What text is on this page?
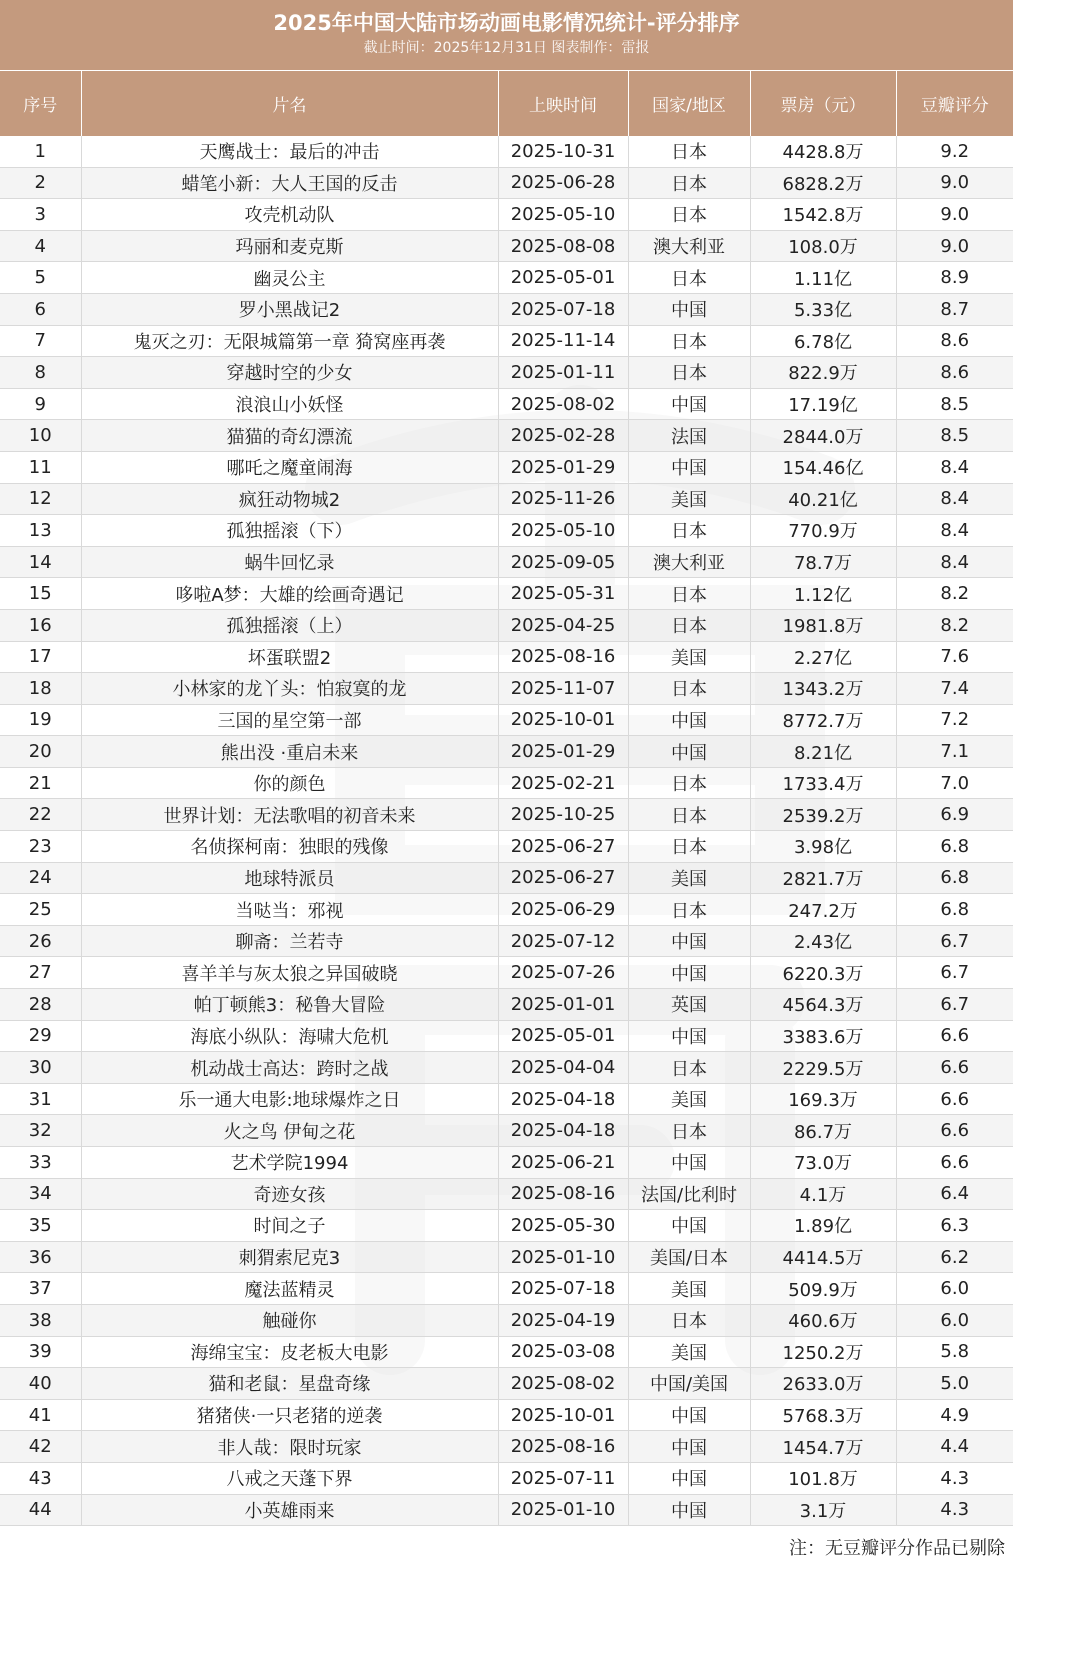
2025年中国大陆市场动画电影情况统计-评分排序
截止时间：2025年12月31日 图表制作：雷报
序号	片名	上映时间	国家/地区	票房（元）	豆瓣评分
1	天鹰战士：最后的冲击	2025-10-31	日本	4428.8万	9.2
2	蜡笔小新：大人王国的反击	2025-06-28	日本	6828.2万	9.0
3	攻壳机动队	2025-05-10	日本	1542.8万	9.0
4	玛丽和麦克斯	2025-08-08	澳大利亚	108.0万	9.0
5	幽灵公主	2025-05-01	日本	1.11亿	8.9
6	罗小黑战记2	2025-07-18	中国	5.33亿	8.7
7	鬼灭之刃：无限城篇第一章 猗窝座再袭	2025-11-14	日本	6.78亿	8.6
8	穿越时空的少女	2025-01-11	日本	822.9万	8.6
9	浪浪山小妖怪	2025-08-02	中国	17.19亿	8.5
10	猫猫的奇幻漂流	2025-02-28	法国	2844.0万	8.5
11	哪吒之魔童闹海	2025-01-29	中国	154.46亿	8.4
12	疯狂动物城2	2025-11-26	美国	40.21亿	8.4
13	孤独摇滚（下）	2025-05-10	日本	770.9万	8.4
14	蜗牛回忆录	2025-09-05	澳大利亚	78.7万	8.4
15	哆啦A梦：大雄的绘画奇遇记	2025-05-31	日本	1.12亿	8.2
16	孤独摇滚（上）	2025-04-25	日本	1981.8万	8.2
17	坏蛋联盟2	2025-08-16	美国	2.27亿	7.6
18	小林家的龙丫头：怕寂寞的龙	2025-11-07	日本	1343.2万	7.4
19	三国的星空第一部	2025-10-01	中国	8772.7万	7.2
20	熊出没 ·重启未来	2025-01-29	中国	8.21亿	7.1
21	你的颜色	2025-02-21	日本	1733.4万	7.0
22	世界计划：无法歌唱的初音未来	2025-10-25	日本	2539.2万	6.9
23	名侦探柯南：独眼的残像	2025-06-27	日本	3.98亿	6.8
24	地球特派员	2025-06-27	美国	2821.7万	6.8
25	当哒当：邪视	2025-06-29	日本	247.2万	6.8
26	聊斋：兰若寺	2025-07-12	中国	2.43亿	6.7
27	喜羊羊与灰太狼之异国破晓	2025-07-26	中国	6220.3万	6.7
28	帕丁顿熊3：秘鲁大冒险	2025-01-01	英国	4564.3万	6.7
29	海底小纵队：海啸大危机	2025-05-01	中国	3383.6万	6.6
30	机动战士高达：跨时之战	2025-04-04	日本	2229.5万	6.6
31	乐一通大电影:地球爆炸之日	2025-04-18	美国	169.3万	6.6
32	火之鸟 伊甸之花	2025-04-18	日本	86.7万	6.6
33	艺术学院1994	2025-06-21	中国	73.0万	6.6
34	奇迹女孩	2025-08-16	法国/比利时	4.1万	6.4
35	时间之子	2025-05-30	中国	1.89亿	6.3
36	刺猬索尼克3	2025-01-10	美国/日本	4414.5万	6.2
37	魔法蓝精灵	2025-07-18	美国	509.9万	6.0
38	触碰你	2025-04-19	日本	460.6万	6.0
39	海绵宝宝：皮老板大电影	2025-03-08	美国	1250.2万	5.8
40	猫和老鼠：星盘奇缘	2025-08-02	中国/美国	2633.0万	5.0
41	猪猪侠·一只老猪的逆袭	2025-10-01	中国	5768.3万	4.9
42	非人哉：限时玩家	2025-08-16	中国	1454.7万	4.4
43	八戒之天蓬下界	2025-07-11	中国	101.8万	4.3
44	小英雄雨来	2025-01-10	中国	3.1万	4.3
注：无豆瓣评分作品已剔除
